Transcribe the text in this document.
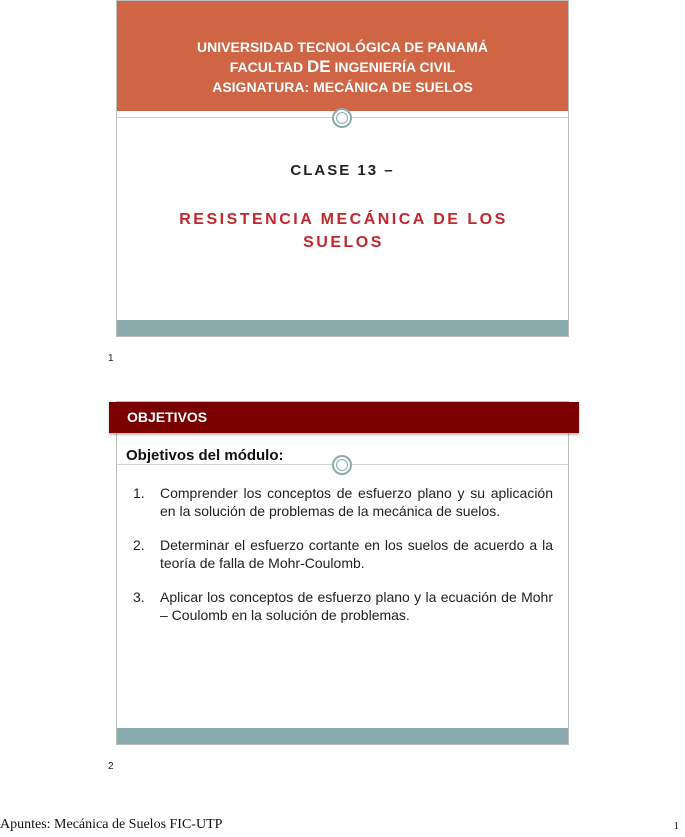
UNIVERSIDAD TECNOLÓGICA DE PANAMÁ
FACULTAD DE INGENIERÍA CIVIL
ASIGNATURA: MECÁNICA DE SUELOS
CLASE 13 –
RESISTENCIA MECÁNICA DE LOS SUELOS
1
OBJETIVOS
Objetivos del módulo:
1.	Comprender los conceptos de esfuerzo plano y su aplicación en la solución de problemas de la mecánica de suelos.
2.	Determinar el esfuerzo cortante en los suelos de acuerdo a la teoría de falla de Mohr-Coulomb.
3.	Aplicar los conceptos de esfuerzo plano y la ecuación de Mohr – Coulomb en la solución de problemas.
2
Apuntes: Mecánica de Suelos FIC-UTP	1
